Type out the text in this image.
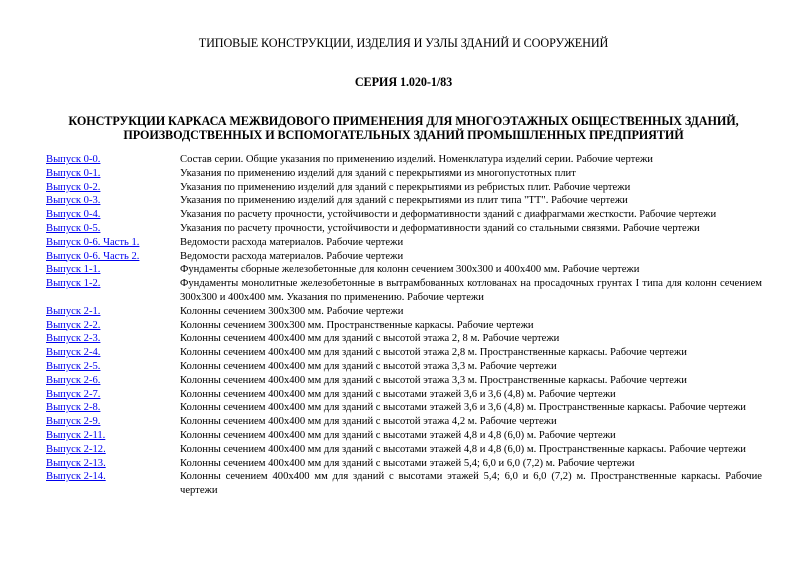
ТИПОВЫЕ КОНСТРУКЦИИ, ИЗДЕЛИЯ И УЗЛЫ ЗДАНИЙ И СООРУЖЕНИЙ
СЕРИЯ 1.020-1/83
КОНСТРУКЦИИ КАРКАСА МЕЖВИДОВОГО ПРИМЕНЕНИЯ ДЛЯ МНОГОЭТАЖНЫХ ОБЩЕСТВЕННЫХ ЗДАНИЙ,
ПРОИЗВОДСТВЕННЫХ И ВСПОМОГАТЕЛЬНЫХ ЗДАНИЙ ПРОМЫШЛЕННЫХ ПРЕДПРИЯТИЙ
Выпуск 0-0.	Состав серии. Общие указания по применению изделий. Номенклатура изделий серии. Рабочие чертежи
Выпуск 0-1.	Указания по применению изделий для зданий с перекрытиями из многопустотных плит
Выпуск 0-2.	Указания по применению изделий для зданий с перекрытиями из ребристых плит. Рабочие чертежи
Выпуск 0-3.	Указания по применению изделий для зданий с перекрытиями из плит типа "ТТ". Рабочие чертежи
Выпуск 0-4.	Указания по расчету прочности, устойчивости и деформативности зданий с диафрагмами жесткости. Рабочие чертежи
Выпуск 0-5.	Указания по расчету прочности, устойчивости и деформативности зданий со стальными связями. Рабочие чертежи
Выпуск 0-6. Часть 1.	Ведомости расхода материалов. Рабочие чертежи
Выпуск 0-6. Часть 2.	Ведомости расхода материалов. Рабочие чертежи
Выпуск 1-1.	Фундаменты сборные железобетонные для колонн сечением 300х300 и 400х400 мм. Рабочие чертежи
Выпуск 1-2.	Фундаменты монолитные железобетонные в вытрамбованных котлованах на просадочных грунтах I типа для колонн сечением 300х300 и 400х400 мм. Указания по применению. Рабочие чертежи
Выпуск 2-1.	Колонны сечением 300х300 мм. Рабочие чертежи
Выпуск 2-2.	Колонны сечением 300х300 мм. Пространственные каркасы. Рабочие чертежи
Выпуск 2-3.	Колонны сечением 400х400 мм для зданий с высотой этажа 2, 8 м. Рабочие чертежи
Выпуск 2-4.	Колонны сечением 400х400 мм для зданий с высотой этажа 2,8 м. Пространственные каркасы. Рабочие чертежи
Выпуск 2-5.	Колонны сечением 400х400 мм для зданий с высотой этажа 3,3 м. Рабочие чертежи
Выпуск 2-6.	Колонны сечением 400х400 мм для зданий с высотой этажа 3,3 м. Пространственные каркасы. Рабочие чертежи
Выпуск 2-7.	Колонны сечением 400х400 мм для зданий с высотами этажей 3,6 и 3,6 (4,8) м. Рабочие чертежи
Выпуск 2-8.	Колонны сечением 400х400 мм для зданий с высотами этажей 3,6 и 3,6 (4,8) м. Пространственные каркасы. Рабочие чертежи
Выпуск 2-9.	Колонны сечением 400х400 мм для зданий с высотой этажа 4,2 м. Рабочие чертежи
Выпуск 2-11.	Колонны сечением 400х400 мм для зданий с высотами этажей 4,8 и 4,8 (6,0) м. Рабочие чертежи
Выпуск 2-12.	Колонны сечением 400х400 мм для зданий с высотами этажей 4,8 и 4,8 (6,0) м. Пространственные каркасы. Рабочие чертежи
Выпуск 2-13.	Колонны сечением 400х400 мм для зданий с высотами этажей 5,4; 6,0 и 6,0 (7,2) м. Рабочие чертежи
Выпуск 2-14.	Колонны сечением 400х400 мм для зданий с высотами этажей 5,4; 6,0 и 6,0 (7,2) м. Пространственные каркасы. Рабочие чертежи
